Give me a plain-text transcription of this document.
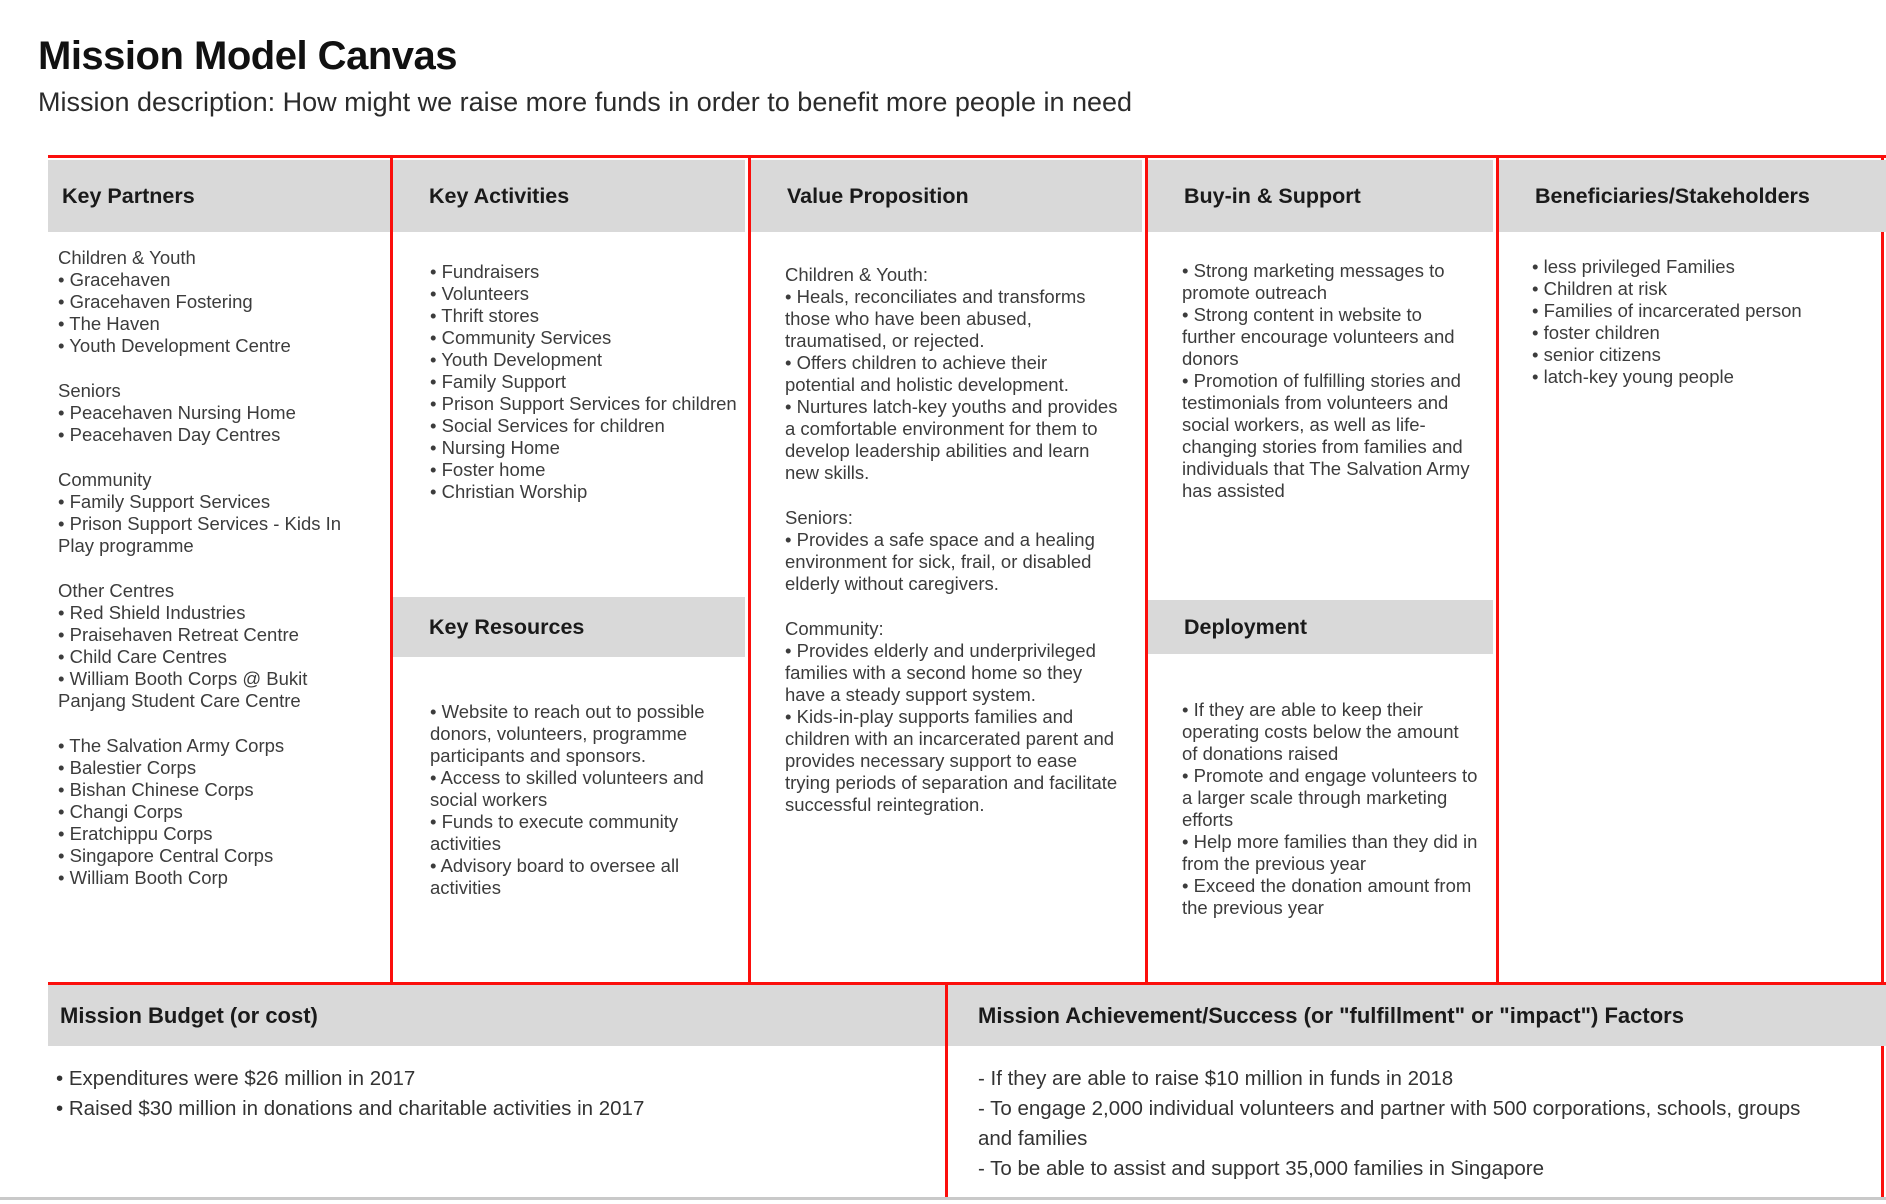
Mission Model Canvas

Mission description: How might we raise more funds in order to benefit more people in need

Key Partners	Key Activities	Value Proposition	Buy-in & Support	Beneficiaries/Stakeholders
Key Resources	Deployment
Mission Budget (or cost)	Mission Achievement/Success (or "fulfillment" or "impact") Factors
Children & Youth
• Gracehaven
• Gracehaven Fostering
• The Haven
• Youth Development Centre
Seniors
• Peacehaven Nursing Home
• Peacehaven Day Centres
Community
• Family Support Services
• Prison Support Services - Kids In Play programme
Other Centres
• Red Shield Industries
• Praisehaven Retreat Centre
• Child Care Centres
• William Booth Corps @ Bukit Panjang Student Care Centre
• The Salvation Army Corps
• Balestier Corps
• Bishan Chinese Corps
• Changi Corps
• Eratchippu Corps
• Singapore Central Corps
• William Booth Corp
• Fundraisers
• Volunteers
• Thrift stores
• Community Services
• Youth Development
• Family Support
• Prison Support Services for children
• Social Services for children
• Nursing Home
• Foster home
• Christian Worship
• Website to reach out to possible donors, volunteers, programme participants and sponsors.
• Access to skilled volunteers and social workers
• Funds to execute community activities
• Advisory board to oversee all activities
Children & Youth:
• Heals, reconciliates and transforms those who have been abused, traumatised, or rejected.
• Offers children to achieve their potential and holistic development.
• Nurtures latch-key youths and provides a comfortable environment for them to develop leadership abilities and learn new skills.
Seniors:
• Provides a safe space and a healing environment for sick, frail, or disabled elderly without caregivers.
Community:
• Provides elderly and underprivileged families with a second home so they have a steady support system.
• Kids-in-play supports families and children with an incarcerated parent and provides necessary support to ease trying periods of separation and facilitate successful reintegration.
• Strong marketing messages to promote outreach
• Strong content in website to further encourage volunteers and donors
• Promotion of fulfilling stories and testimonials from volunteers and social workers, as well as life-changing stories from families and individuals that The Salvation Army has assisted
• If they are able to keep their operating costs below the amount of donations raised
• Promote and engage volunteers to a larger scale through marketing efforts
• Help more families than they did in from the previous year
• Exceed the donation amount from the previous year
• less privileged Families
• Children at risk
• Families of incarcerated person
• foster children
• senior citizens
• latch-key young people
• Expenditures were $26 million in 2017
• Raised $30 million in donations and charitable activities in 2017
- If they are able to raise $10 million in funds in 2018
- To engage 2,000 individual volunteers and partner with 500 corporations, schools, groups and families
- To be able to assist and support 35,000 families in Singapore
